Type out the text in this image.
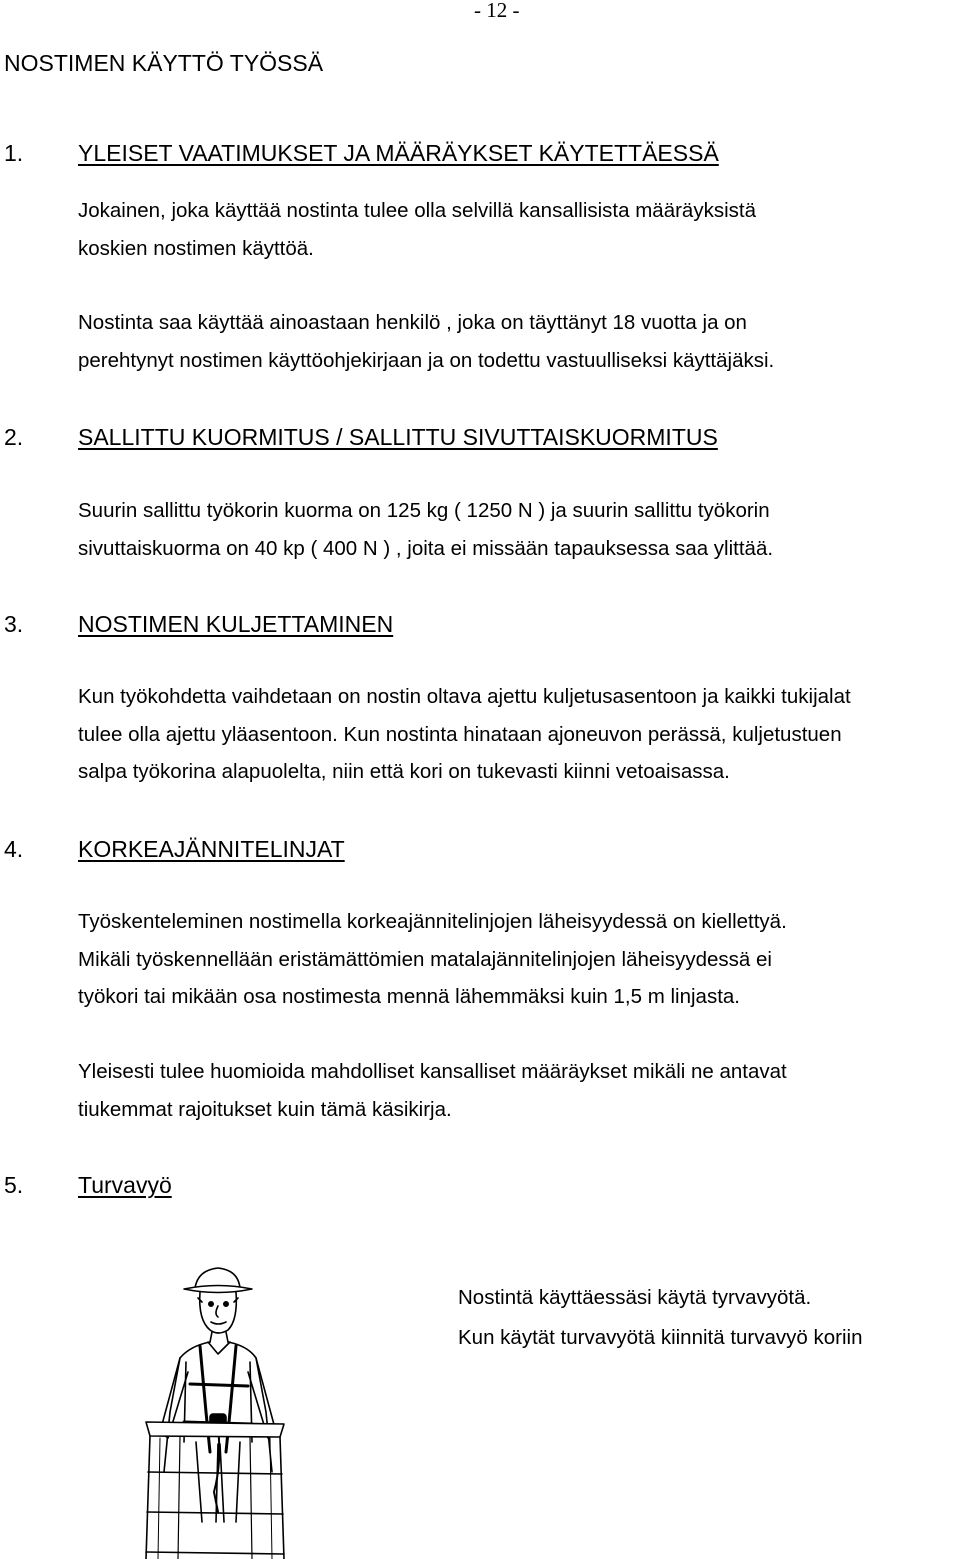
- 12 -
NOSTIMEN KÄYTTÖ TYÖSSÄ
1. YLEISET VAATIMUKSET JA MÄÄRÄYKSET KÄYTETTÄESSÄ
Jokainen, joka käyttää nostinta tulee olla selvillä kansallisista määräyksistä
koskien nostimen käyttöä.
Nostinta saa käyttää ainoastaan henkilö , joka on täyttänyt 18 vuotta ja on
perehtynyt nostimen käyttöohjekirjaan ja on todettu vastuulliseksi käyttäjäksi.
2. SALLITTU KUORMITUS / SALLITTU SIVUTTAISKUORMITUS
Suurin sallittu työkorin kuorma on 125 kg ( 1250 N ) ja suurin sallittu työkorin
sivuttaiskuorma on 40 kp ( 400 N ) , joita ei missään tapauksessa saa ylittää.
3. NOSTIMEN KULJETTAMINEN
Kun työkohdetta vaihdetaan on nostin oltava ajettu kuljetusasentoon ja kaikki tukijalat
tulee olla ajettu yläasentoon. Kun nostinta hinataan ajoneuvon perässä, kuljetustuen
salpa työkorina alapuolelta, niin että kori on tukevasti kiinni vetoaisassa.
4. KORKEAJÄNNITELINJAT
Työskenteleminen nostimella korkeajännitelinjojen läheisyydessä on kiellettyä.
Mikäli työskennellään eristämättömien matalajännitelinjojen läheisyydessä ei
työkori tai mikään osa nostimesta mennä lähemmäksi kuin 1,5 m linjasta.
Yleisesti tulee huomioida mahdolliset kansalliset määräykset mikäli ne antavat
tiukemmat rajoitukset kuin tämä käsikirja.
5. Turvavyö
Nostintä käyttäessäsi käytä tyrvavyötä.
Kun käytät turvavyötä kiinnitä turvavyö koriin
